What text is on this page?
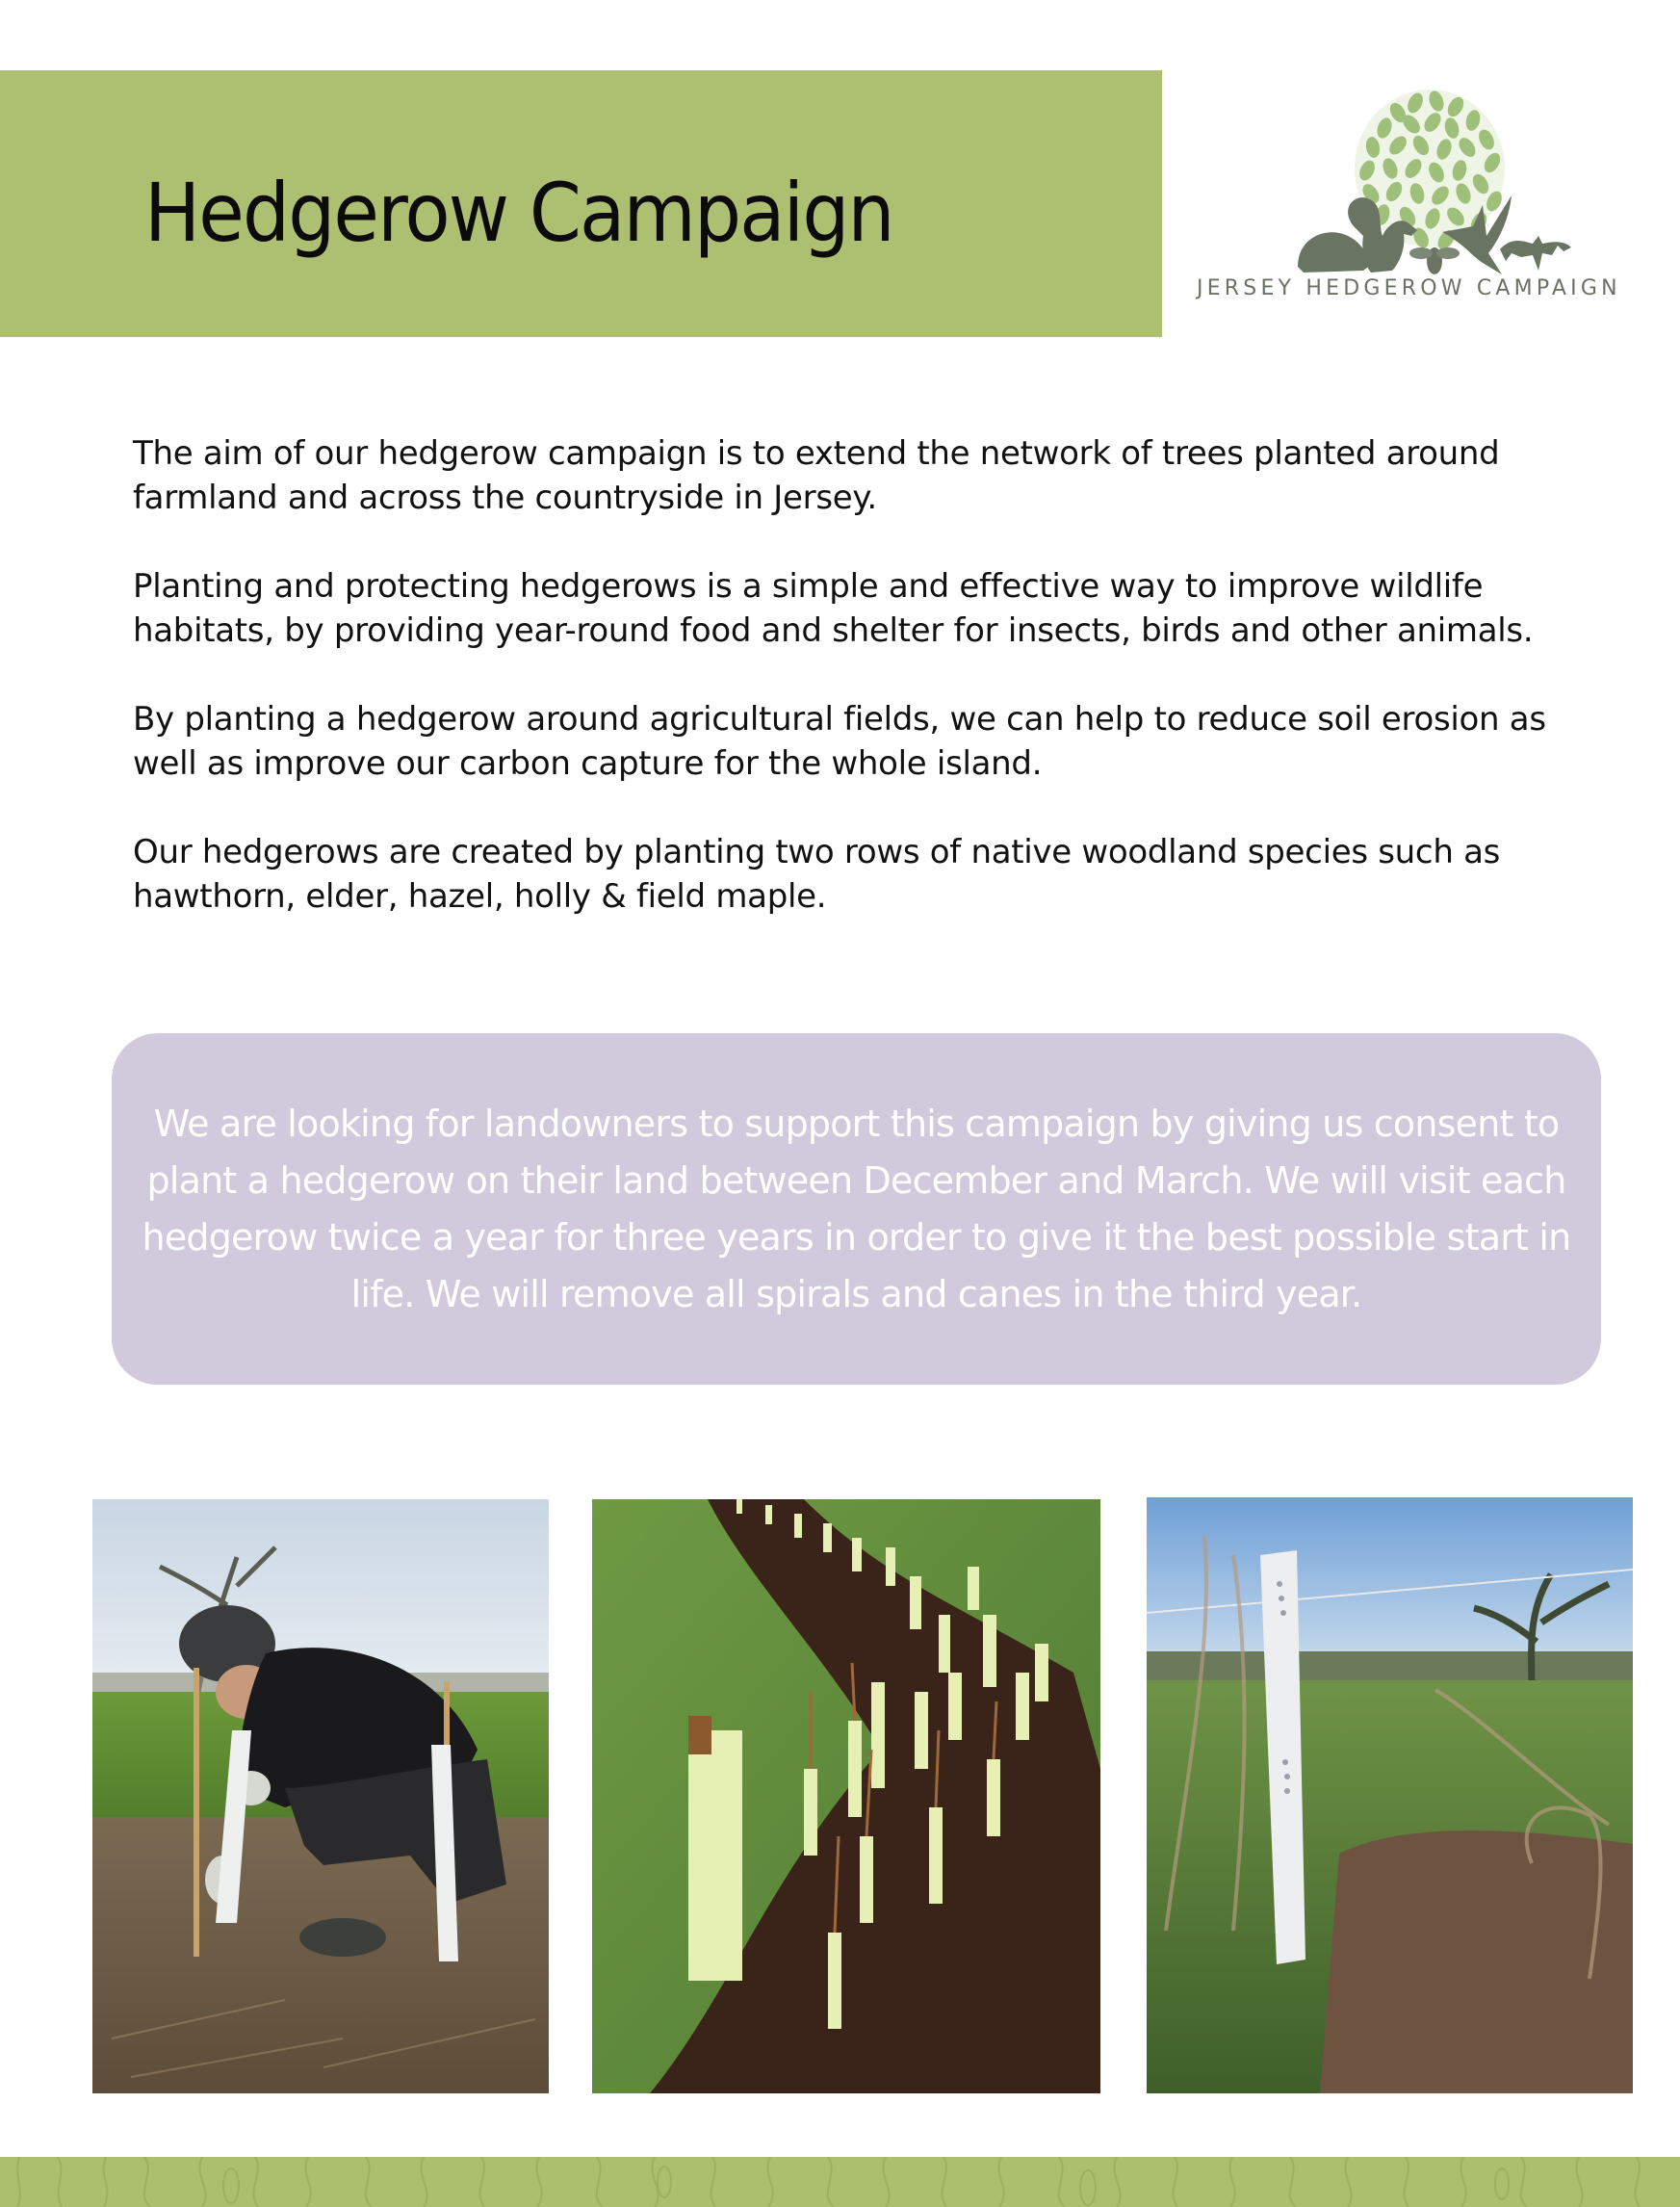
Hedgerow Campaign
JERSEY HEDGEROW CAMPAIGN

The aim of our hedgerow campaign is to extend the network of trees planted around farmland and across the countryside in Jersey.

Planting and protecting hedgerows is a simple and effective way to improve wildlife habitats, by providing year-round food and shelter for insects, birds and other animals.

By planting a hedgerow around agricultural fields, we can help to reduce soil erosion as well as improve our carbon capture for the whole island.

Our hedgerows are created by planting two rows of native woodland species such as hawthorn, elder, hazel, holly & field maple.

We are looking for landowners to support this campaign by giving us consent to plant a hedgerow on their land between December and March. We will visit each hedgerow twice a year for three years in order to give it the best possible start in life. We will remove all spirals and canes in the third year.
